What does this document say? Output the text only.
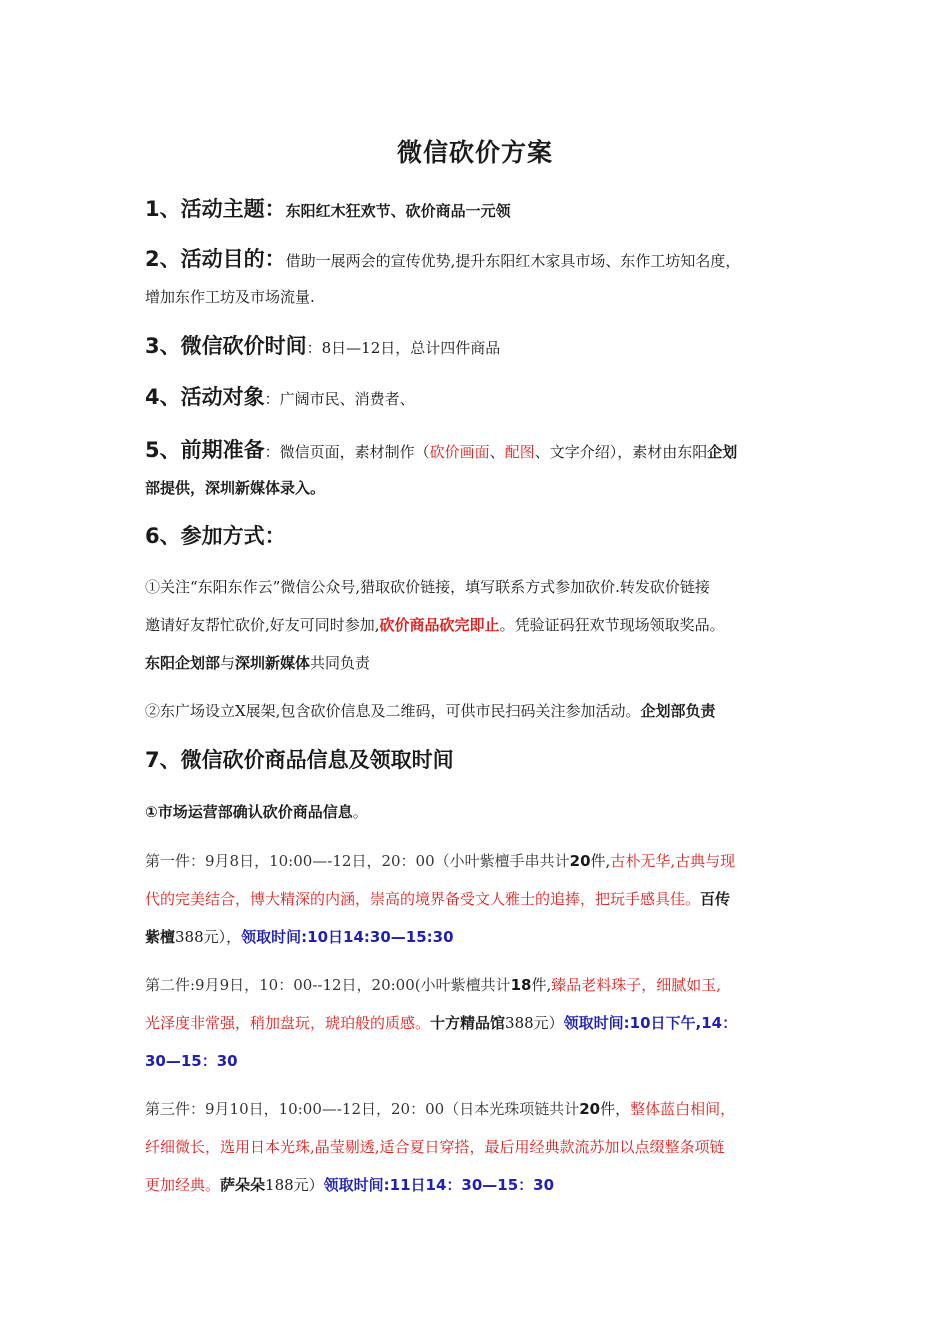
微信砍价方案
1、活动主题：东阳红木狂欢节、砍价商品一元领
2、活动目的：借助一展两会的宣传优势,提升东阳红木家具市场、东作工坊知名度，
增加东作工坊及市场流量.
3、微信砍价时间：8日—12日，总计四件商品
4、活动对象：广阔市民、消费者、
5、前期准备：微信页面，素材制作（砍价画面、配图、文字介绍），素材由东阳企划
部提供，深圳新媒体录入。
6、参加方式：
①关注“东阳东作云”微信公众号,猎取砍价链接，填写联系方式参加砍价.转发砍价链接
邀请好友帮忙砍价,好友可同时参加,砍价商品砍完即止。凭验证码狂欢节现场领取奖品。
东阳企划部与深圳新媒体共同负责
②东广场设立X展架,包含砍价信息及二维码，可供市民扫码关注参加活动。企划部负责
7、微信砍价商品信息及领取时间
①市场运营部确认砍价商品信息。
第一件：9月8日，10:00—-12日，20：00（小叶紫檀手串共计20件,古朴无华,古典与现
代的完美结合，博大精深的内涵，崇高的境界备受文人雅士的追捧，把玩手感具佳。百传
紫檀388元），领取时间:10日14:30—15:30
第二件:9月9日，10：00--12日，20:00(小叶紫檀共计18件,臻品老料珠子，细腻如玉,
光泽度非常强，稍加盘玩，琥珀般的质感。十方精品馆388元）领取时间:10日下午,14：
30—15：30
第三件：9月10日，10:00—-12日，20：00（日本光珠项链共计20件，整体蓝白相间，
纤细微长，选用日本光珠,晶莹剔透,适合夏日穿搭，最后用经典款流苏加以点缀整条项链
更加经典。萨朵朵188元）领取时间:11日14：30—15：30
